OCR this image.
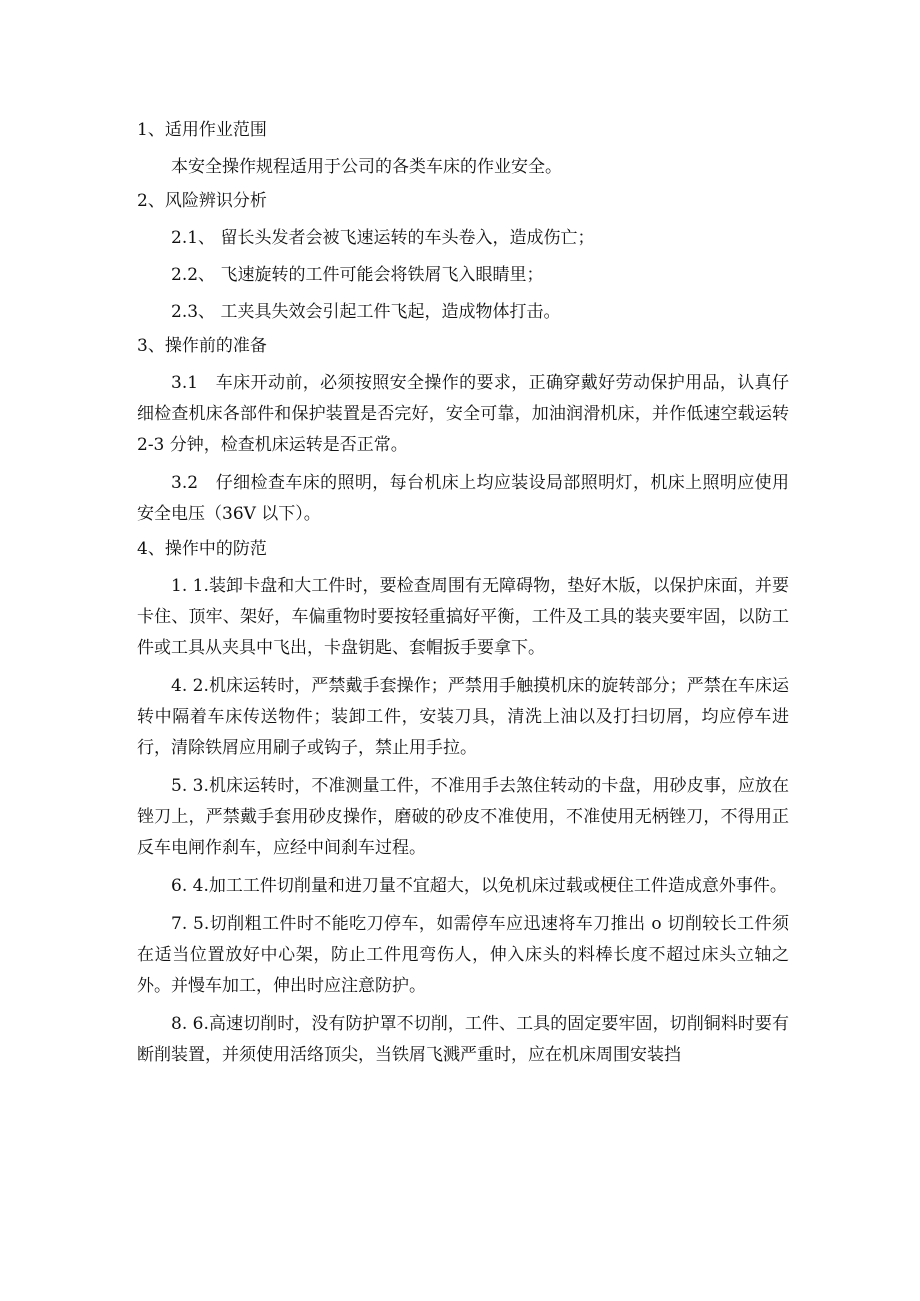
1、适用作业范围

本安全操作规程适用于公司的各类车床的作业安全。

2、风险辨识分析

2.1、 留长头发者会被飞速运转的车头卷入，造成伤亡；

2.2、 飞速旋转的工件可能会将铁屑飞入眼睛里；

2.3、 工夹具失效会引起工件飞起，造成物体打击。

3、操作前的准备

3.1　车床开动前，必须按照安全操作的要求，正确穿戴好劳动保护用品，认真仔细检查机床各部件和保护装置是否完好，安全可靠，加油润滑机床，并作低速空载运转 2-3 分钟，检查机床运转是否正常。

3.2　仔细检查车床的照明，每台机床上均应装设局部照明灯，机床上照明应使用安全电压（36V 以下）。

4、操作中的防范

1. 1.装卸卡盘和大工件时，要检查周围有无障碍物，垫好木版，以保护床面，并要卡住、顶牢、架好，车偏重物时要按轻重搞好平衡，工件及工具的装夹要牢固，以防工件或工具从夹具中飞出，卡盘钥匙、套帽扳手要拿下。

4. 2.机床运转时，严禁戴手套操作；严禁用手触摸机床的旋转部分；严禁在车床运转中隔着车床传送物件；装卸工件，安装刀具，清洗上油以及打扫切屑，均应停车进行，清除铁屑应用刷子或钩子，禁止用手拉。

5. 3.机床运转时，不准测量工件，不准用手去煞住转动的卡盘，用砂皮事，应放在锉刀上，严禁戴手套用砂皮操作，磨破的砂皮不准使用，不准使用无柄锉刀，不得用正反车电闸作刹车，应经中间刹车过程。

6. 4.加工工件切削量和进刀量不宜超大，以免机床过载或梗住工件造成意外事件。

7. 5.切削粗工件时不能吃刀停车，如需停车应迅速将车刀推出 o 切削较长工件须在适当位置放好中心架，防止工件甩弯伤人，伸入床头的料棒长度不超过床头立轴之外。并慢车加工，伸出时应注意防护。

8. 6.高速切削时，没有防护罩不切削，工件、工具的固定要牢固，切削铜料时要有断削装置，并须使用活络顶尖，当铁屑飞溅严重时，应在机床周围安装挡
